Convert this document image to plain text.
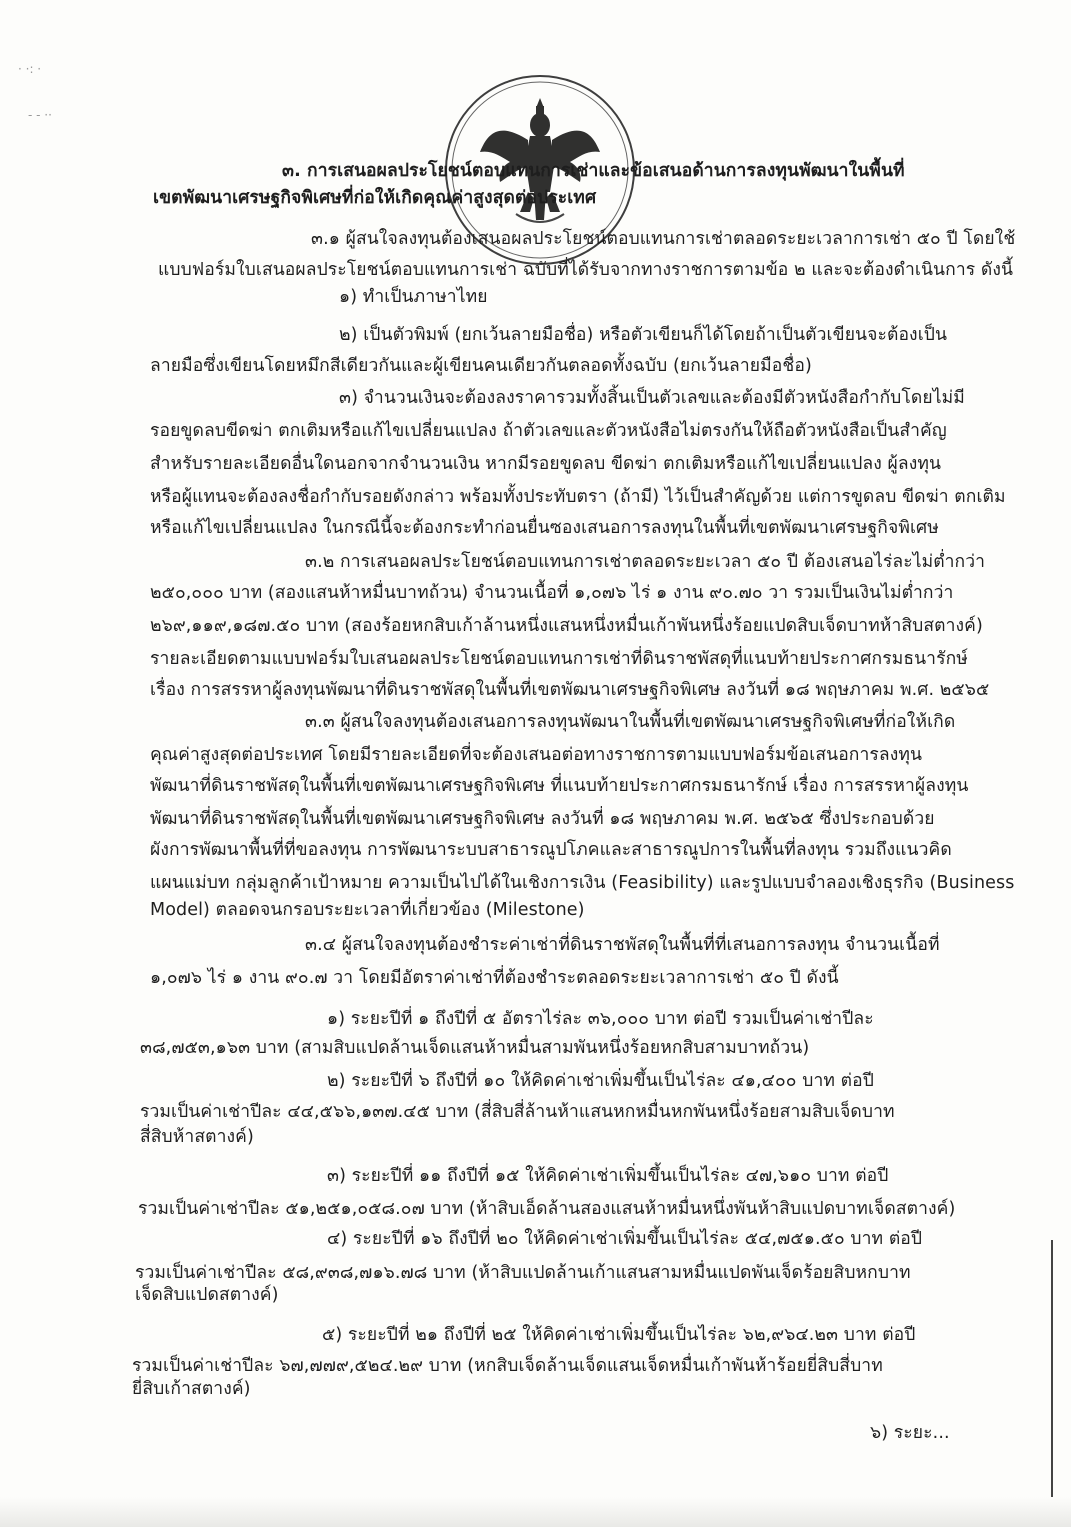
· ·: ·
- - ··
๓. การเสนอผลประโยชน์ตอบแทนการเช่าและข้อเสนอด้านการลงทุนพัฒนาในพื้นที่
เขตพัฒนาเศรษฐกิจพิเศษที่ก่อให้เกิดคุณค่าสูงสุดต่อประเทศ
๓.๑ ผู้สนใจลงทุนต้องเสนอผลประโยชน์ตอบแทนการเช่าตลอดระยะเวลาการเช่า ๕๐ ปี โดยใช้
แบบฟอร์มใบเสนอผลประโยชน์ตอบแทนการเช่า ฉบับที่ได้รับจากทางราชการตามข้อ ๒ และจะต้องดำเนินการ ดังนี้
๑) ทำเป็นภาษาไทย
๒) เป็นตัวพิมพ์ (ยกเว้นลายมือชื่อ) หรือตัวเขียนก็ได้โดยถ้าเป็นตัวเขียนจะต้องเป็น
ลายมือซึ่งเขียนโดยหมึกสีเดียวกันและผู้เขียนคนเดียวกันตลอดทั้งฉบับ (ยกเว้นลายมือชื่อ)
๓) จำนวนเงินจะต้องลงราคารวมทั้งสิ้นเป็นตัวเลขและต้องมีตัวหนังสือกำกับโดยไม่มี
รอยขูดลบขีดฆ่า ตกเติมหรือแก้ไขเปลี่ยนแปลง ถ้าตัวเลขและตัวหนังสือไม่ตรงกันให้ถือตัวหนังสือเป็นสำคัญ
สำหรับรายละเอียดอื่นใดนอกจากจำนวนเงิน หากมีรอยขูดลบ ขีดฆ่า ตกเติมหรือแก้ไขเปลี่ยนแปลง ผู้ลงทุน
หรือผู้แทนจะต้องลงชื่อกำกับรอยดังกล่าว พร้อมทั้งประทับตรา (ถ้ามี) ไว้เป็นสำคัญด้วย แต่การขูดลบ ขีดฆ่า ตกเติม
หรือแก้ไขเปลี่ยนแปลง ในกรณีนี้จะต้องกระทำก่อนยื่นซองเสนอการลงทุนในพื้นที่เขตพัฒนาเศรษฐกิจพิเศษ
๓.๒ การเสนอผลประโยชน์ตอบแทนการเช่าตลอดระยะเวลา ๕๐ ปี ต้องเสนอไร่ละไม่ต่ำกว่า
๒๕๐,๐๐๐ บาท (สองแสนห้าหมื่นบาทถ้วน) จำนวนเนื้อที่ ๑,๐๗๖ ไร่ ๑ งาน ๙๐.๗๐ วา รวมเป็นเงินไม่ต่ำกว่า
๒๖๙,๑๑๙,๑๘๗.๕๐ บาท (สองร้อยหกสิบเก้าล้านหนึ่งแสนหนึ่งหมื่นเก้าพันหนึ่งร้อยแปดสิบเจ็ดบาทห้าสิบสตางค์)
รายละเอียดตามแบบฟอร์มใบเสนอผลประโยชน์ตอบแทนการเช่าที่ดินราชพัสดุที่แนบท้ายประกาศกรมธนารักษ์
เรื่อง การสรรหาผู้ลงทุนพัฒนาที่ดินราชพัสดุในพื้นที่เขตพัฒนาเศรษฐกิจพิเศษ ลงวันที่ ๑๘ พฤษภาคม พ.ศ. ๒๕๖๕
๓.๓ ผู้สนใจลงทุนต้องเสนอการลงทุนพัฒนาในพื้นที่เขตพัฒนาเศรษฐกิจพิเศษที่ก่อให้เกิด
คุณค่าสูงสุดต่อประเทศ โดยมีรายละเอียดที่จะต้องเสนอต่อทางราชการตามแบบฟอร์มข้อเสนอการลงทุน
พัฒนาที่ดินราชพัสดุในพื้นที่เขตพัฒนาเศรษฐกิจพิเศษ ที่แนบท้ายประกาศกรมธนารักษ์ เรื่อง การสรรหาผู้ลงทุน
พัฒนาที่ดินราชพัสดุในพื้นที่เขตพัฒนาเศรษฐกิจพิเศษ ลงวันที่ ๑๘ พฤษภาคม พ.ศ. ๒๕๖๕ ซึ่งประกอบด้วย
ผังการพัฒนาพื้นที่ที่ขอลงทุน การพัฒนาระบบสาธารณูปโภคและสาธารณูปการในพื้นที่ลงทุน รวมถึงแนวคิด
แผนแม่บท กลุ่มลูกค้าเป้าหมาย ความเป็นไปได้ในเชิงการเงิน (Feasibility) และรูปแบบจำลองเชิงธุรกิจ (Business
Model) ตลอดจนกรอบระยะเวลาที่เกี่ยวข้อง (Milestone)
๓.๔ ผู้สนใจลงทุนต้องชำระค่าเช่าที่ดินราชพัสดุในพื้นที่ที่เสนอการลงทุน จำนวนเนื้อที่
๑,๐๗๖ ไร่ ๑ งาน ๙๐.๗ วา โดยมีอัตราค่าเช่าที่ต้องชำระตลอดระยะเวลาการเช่า ๕๐ ปี ดังนี้
๑) ระยะปีที่ ๑ ถึงปีที่ ๕ อัตราไร่ละ ๓๖,๐๐๐ บาท ต่อปี รวมเป็นค่าเช่าปีละ
๓๘,๗๕๓,๑๖๓ บาท (สามสิบแปดล้านเจ็ดแสนห้าหมื่นสามพันหนึ่งร้อยหกสิบสามบาทถ้วน)
๒) ระยะปีที่ ๖ ถึงปีที่ ๑๐ ให้คิดค่าเช่าเพิ่มขึ้นเป็นไร่ละ ๔๑,๔๐๐ บาท ต่อปี
รวมเป็นค่าเช่าปีละ ๔๔,๕๖๖,๑๓๗.๔๕ บาท (สี่สิบสี่ล้านห้าแสนหกหมื่นหกพันหนึ่งร้อยสามสิบเจ็ดบาท
สี่สิบห้าสตางค์)
๓) ระยะปีที่ ๑๑ ถึงปีที่ ๑๕ ให้คิดค่าเช่าเพิ่มขึ้นเป็นไร่ละ ๔๗,๖๑๐ บาท ต่อปี
รวมเป็นค่าเช่าปีละ ๕๑,๒๕๑,๐๕๘.๐๗ บาท (ห้าสิบเอ็ดล้านสองแสนห้าหมื่นหนึ่งพันห้าสิบแปดบาทเจ็ดสตางค์)
๔) ระยะปีที่ ๑๖ ถึงปีที่ ๒๐ ให้คิดค่าเช่าเพิ่มขึ้นเป็นไร่ละ ๕๔,๗๕๑.๕๐ บาท ต่อปี
รวมเป็นค่าเช่าปีละ ๕๘,๙๓๘,๗๑๖.๗๘ บาท (ห้าสิบแปดล้านเก้าแสนสามหมื่นแปดพันเจ็ดร้อยสิบหกบาท
เจ็ดสิบแปดสตางค์)
๕) ระยะปีที่ ๒๑ ถึงปีที่ ๒๕ ให้คิดค่าเช่าเพิ่มขึ้นเป็นไร่ละ ๖๒,๙๖๔.๒๓ บาท ต่อปี
รวมเป็นค่าเช่าปีละ ๖๗,๗๗๙,๕๒๔.๒๙ บาท (หกสิบเจ็ดล้านเจ็ดแสนเจ็ดหมื่นเก้าพันห้าร้อยยี่สิบสี่บาท
ยี่สิบเก้าสตางค์)
๖) ระยะ...
